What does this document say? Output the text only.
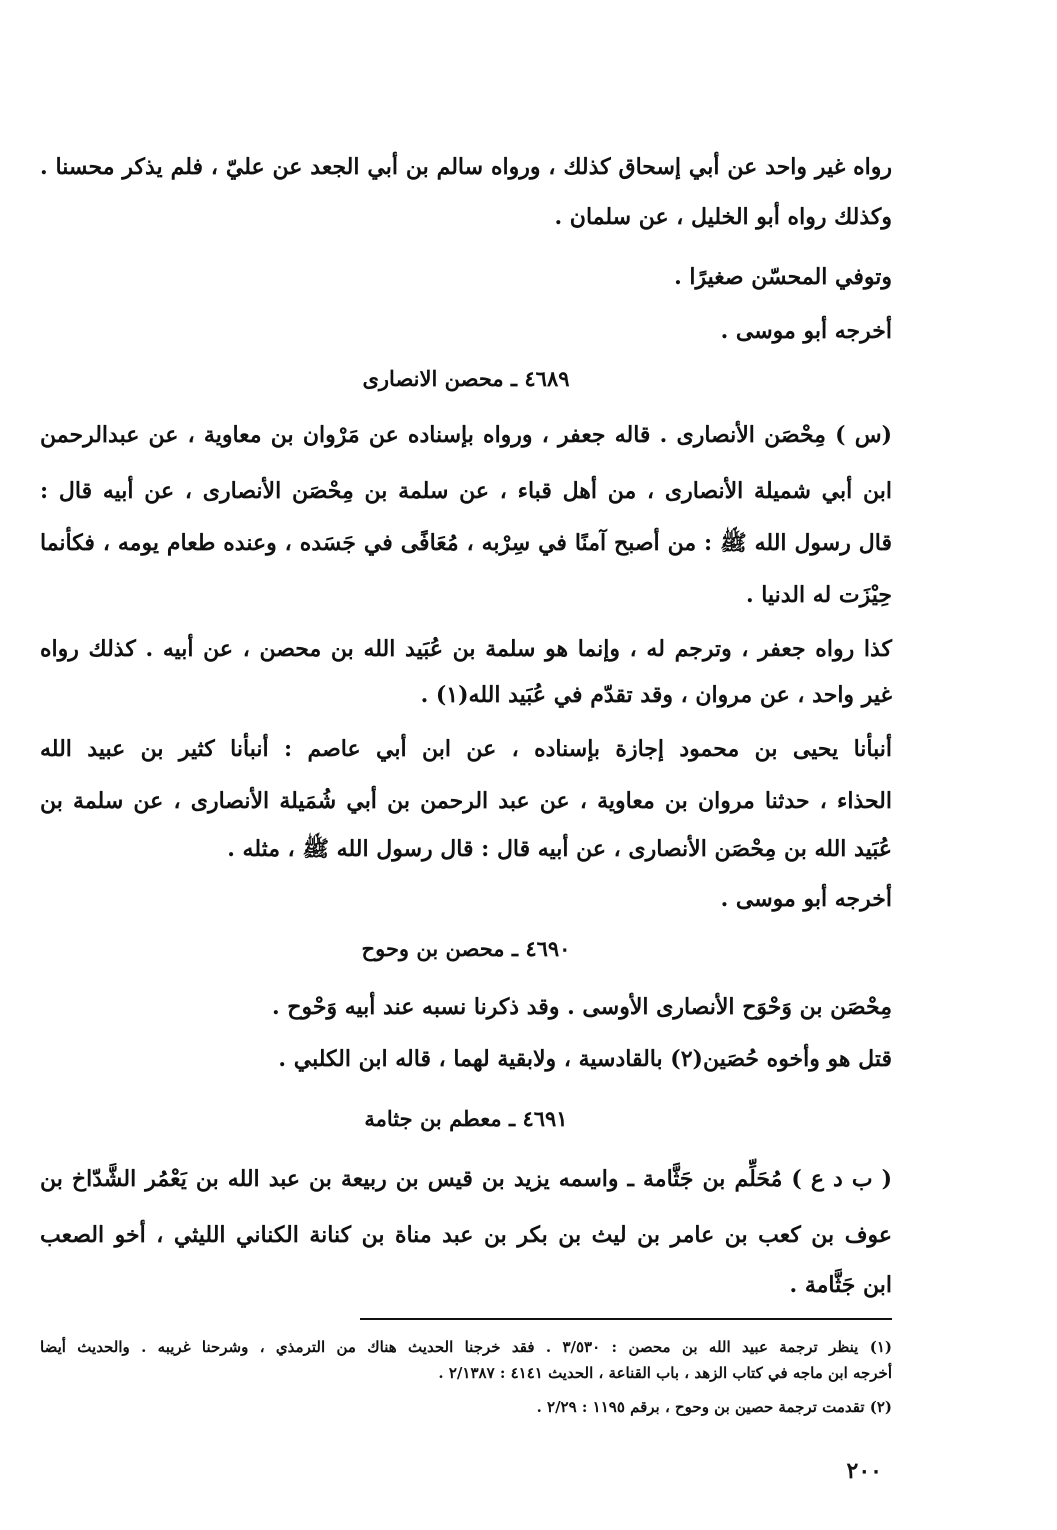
رواه غير واحد عن أبي إسحاق كذلك ، ورواه سالم بن أبي الجعد عن عليّ ، فلم يذكر محسنا .
وكذلك رواه أبو الخليل ، عن سلمان .
وتوفي المحسّن صغيرًا .
أخرجه أبو موسى .
٤٦٨٩ ـ محصن الانصارى
(س ) مِحْصَن الأنصارى . قاله جعفر ، ورواه بإسناده عن مَرْوان بن معاوية ، عن عبدالرحمن
ابن أبي شميلة الأنصارى ، من أهل قباء ، عن سلمة بن مِحْصَن الأنصارى ، عن أبيه قال :
قال رسول الله ﷺ : من أصبح آمنًا في سِرْبه ، مُعَافًى في جَسَده ، وعنده طعام يومه ، فكأنما
حِيْزَت له الدنيا .
كذا رواه جعفر ، وترجم له ، وإنما هو سلمة بن عُبَيد الله بن محصن ، عن أبيه . كذلك رواه
غير واحد ، عن مروان ، وقد تقدّم في عُبَيد الله(١) .
أنبأنا يحيى بن محمود إجازة بإسناده ، عن ابن أبي عاصم : أنبأنا كثير بن عبيد الله
الحذاء ، حدثنا مروان بن معاوية ، عن عبد الرحمن بن أبي شُمَيلة الأنصارى ، عن سلمة بن
عُبَيد الله بن مِحْصَن الأنصارى ، عن أبيه قال : قال رسول الله ﷺ ، مثله .
أخرجه أبو موسى .
٤٦٩٠ ـ محصن بن وحوح
مِحْصَن بن وَحْوَح الأنصارى الأوسى . وقد ذكرنا نسبه عند أبيه وَحْوح .
قتل هو وأخوه حُصَين(٢) بالقادسية ، ولابقية لهما ، قاله ابن الكلبي .
٤٦٩١ ـ معطم بن جثامة
( ب د ع ) مُحَلِّم بن جَثَّامة ـ واسمه يزيد بن قيس بن ربيعة بن عبد الله بن يَعْمُر الشَّدّاخ بن
عوف بن كعب بن عامر بن ليث بن بكر بن عبد مناة بن كنانة الكناني الليثي ، أخو الصعب
ابن جَثَّامة .
(١) ينظر ترجمة عبيد الله بن محصن : ٣/٥٣٠ . فقد خرجنا الحديث هناك من الترمذي ، وشرحنا غريبه . والحديث أيضا
أخرجه ابن ماجه في كتاب الزهد ، باب القناعة ، الحديث ٤١٤١ : ٢/١٣٨٧ .
(٢) تقدمت ترجمة حصين بن وحوح ، برقم ١١٩٥ : ٢/٢٩ .
٢٠٠
